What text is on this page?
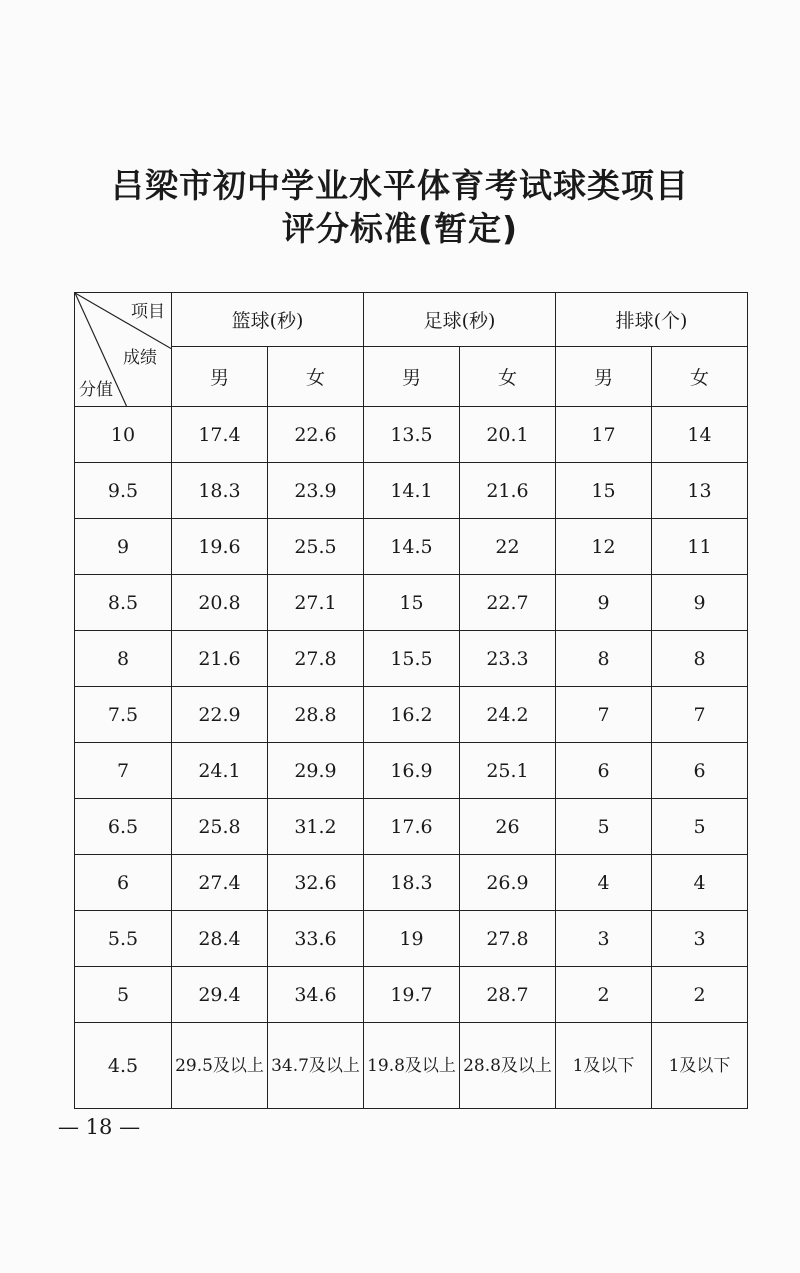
吕梁市初中学业水平体育考试球类项目
评分标准(暂定)
项目
成绩
分值	篮球(秒)		足球(秒)		排球(个)	
	男	女	男	女	男	女
10	17.4	22.6	13.5	20.1	17	14
9.5	18.3	23.9	14.1	21.6	15	13
9	19.6	25.5	14.5	22	12	11
8.5	20.8	27.1	15	22.7	9	9
8	21.6	27.8	15.5	23.3	8	8
7.5	22.9	28.8	16.2	24.2	7	7
7	24.1	29.9	16.9	25.1	6	6
6.5	25.8	31.2	17.6	26	5	5
6	27.4	32.6	18.3	26.9	4	4
5.5	28.4	33.6	19	27.8	3	3
5	29.4	34.6	19.7	28.7	2	2
4.5	29.5及以上	34.7及以上	19.8及以上	28.8及以上	1及以下	1及以下
— 18 —
